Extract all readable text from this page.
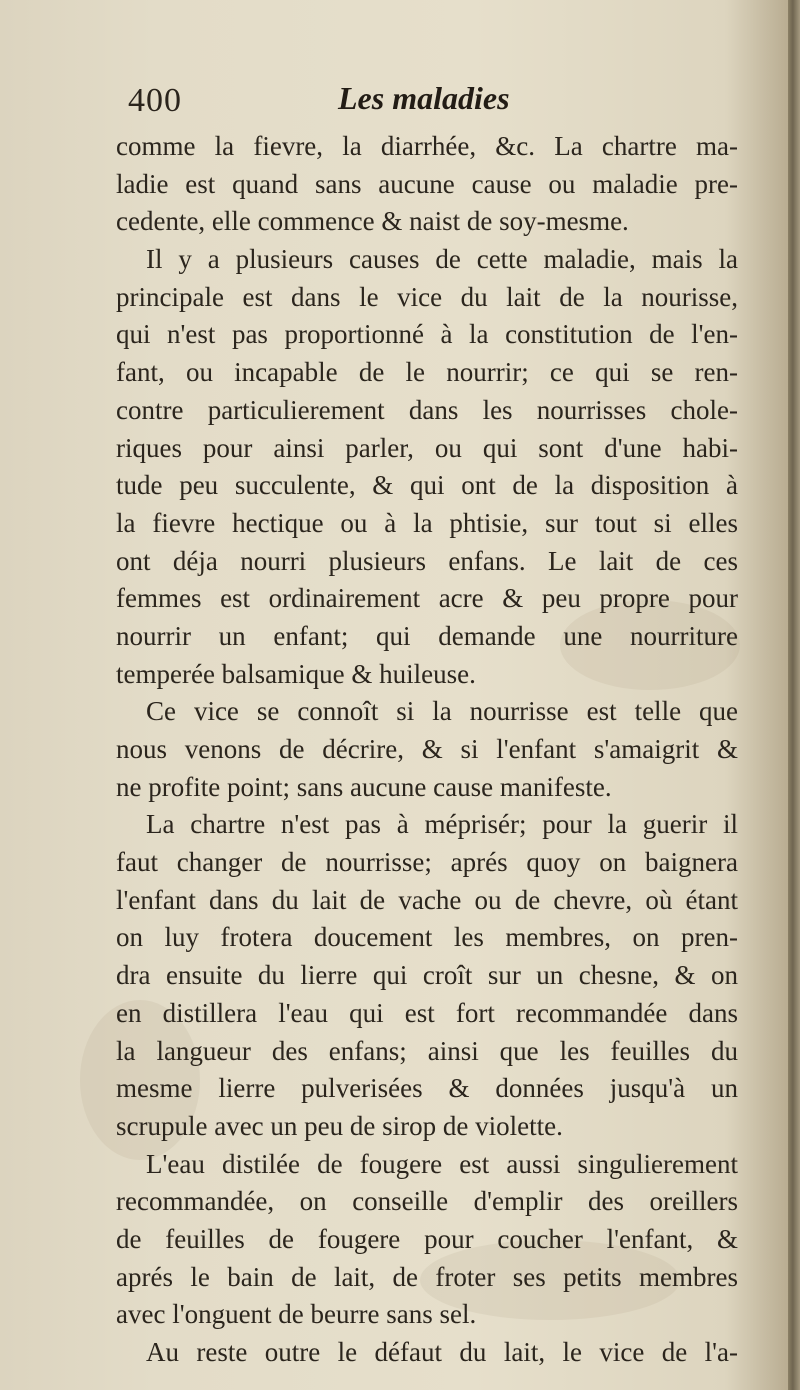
400	Les maladies
comme la fievre, la diarrhée, &c. La chartre ma-
ladie est quand sans aucune cause ou maladie pre-
cedente, elle commence & naist de soy-mesme.
Il y a plusieurs causes de cette maladie, mais la
principale est dans le vice du lait de la nourisse,
qui n'est pas proportionné à la constitution de l'en-
fant, ou incapable de le nourrir; ce qui se ren-
contre particulierement dans les nourrisses chole-
riques pour ainsi parler, ou qui sont d'une habi-
tude peu succulente, & qui ont de la disposition à
la fievre hectique ou à la phtisie, sur tout si elles
ont déja nourri plusieurs enfans. Le lait de ces
femmes est ordinairement acre & peu propre pour
nourrir un enfant; qui demande une nourriture
temperée balsamique & huileuse.
Ce vice se connoît si la nourrisse est telle que
nous venons de décrire, & si l'enfant s'amaigrit &
ne profite point; sans aucune cause manifeste.
La chartre n'est pas à méprisér; pour la guerir il
faut changer de nourrisse; aprés quoy on baignera
l'enfant dans du lait de vache ou de chevre, où étant
on luy frotera doucement les membres, on pren-
dra ensuite du lierre qui croît sur un chesne, & on
en distillera l'eau qui est fort recommandée dans
la langueur des enfans; ainsi que les feuilles du
mesme lierre pulverisées & données jusqu'à un
scrupule avec un peu de sirop de violette.
L'eau distilée de fougere est aussi singulierement
recommandée, on conseille d'emplir des oreillers
de feuilles de fougere pour coucher l'enfant, &
aprés le bain de lait, de froter ses petits membres
avec l'onguent de beurre sans sel.
Au reste outre le défaut du lait, le vice de l'a-
